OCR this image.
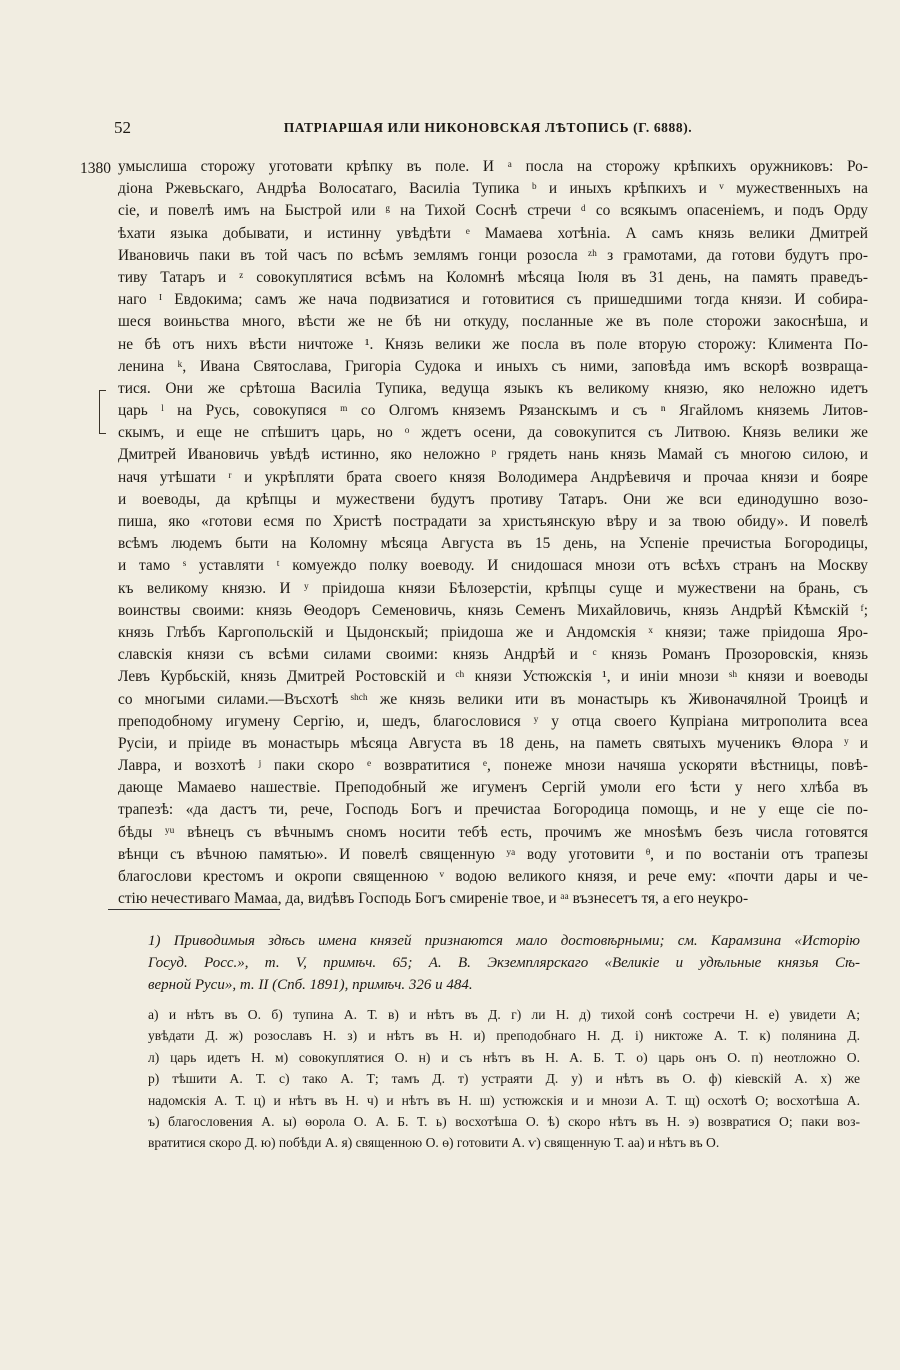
52	ПАТРІАРШАЯ ИЛИ НИКОНОВСКАЯ ЛѢТОПИСЬ (Г. 6888).
1380 умыслиша сторожу уготовати крѣпку въ поле. И ᵃ посла на сторожу крѣпкихъ оружниковъ: Ро-
діона Ржевьскаго, Андрѣа Волосатаго, Василіа Тупика ᵇ и иныхъ крѣпкихъ и ᵛ мужественныхъ на
сіе, и повелѣ имъ на Быстрой или ᵍ на Тихой Соснѣ стречи ᵈ со всякымъ опасеніемъ, и подъ Орду
ѣхати языка добывати, и истинну увѣдѣти ᵉ Мамаева хотѣніа. А самъ князь велики Дмитрей
Ивановичь паки въ той часъ по всѣмъ землямъ гонци розосла ᶻʰ з грамотами, да готови будутъ про-
тиву Татаръ и ᶻ совокуплятися всѣмъ на Коломнѣ мѣсяца Іюля въ 31 день, на память праведъ-
наго ᴵ Евдокима; самъ же нача подвизатися и готовитися съ пришедшими тогда князи. И собира-
шеся воиньства много, вѣсти же не бѣ ни откуду, посланные же въ поле сторожи закоснѣша, и
не бѣ отъ нихъ вѣсти ничтоже ¹. Князь велики же посла въ поле вторую сторожу: Климента По-
ленина ᵏ, Ивана Святослава, Григоріа Судока и иныхъ съ ними, заповѣда имъ вскорѣ возвраща-
тися. Они же срѣтоша Василіа Тупика, ведуща языкъ къ великому князю, яко неложно идетъ
царь ˡ на Русь, совокупяся ᵐ со Олгомъ княземъ Рязанскымъ и съ ⁿ Ягайломъ княземь Литов-
скымъ, и еще не спѣшитъ царь, но ᵒ ждетъ осени, да совокупится съ Литвою. Князь велики же
Дмитрей Ивановичь увѣдѣ истинно, яко неложно ᵖ грядеть нань князь Мамай съ многою силою, и
начя утѣшати ʳ и укрѣпляти брата своего князя Володимера Андрѣевичя и прочаа князи и бояре
и воеводы, да крѣпцы и мужествени будутъ противу Татаръ. Они же вси единодушно возо-
пиша, яко «готови есмя по Христѣ пострадати за христьянскую вѣру и за твою обиду». И повелѣ
всѣмъ людемъ быти на Коломну мѣсяца Августа въ 15 день, на Успеніе пречистыа Богородицы,
и тамо ˢ уставляти ᵗ комуеждо полку воеводу. И снидошася мнози отъ всѣхъ странъ на Москву
къ великому князю. И ʸ пріидоша князи Бѣлозерстіи, крѣпцы суще и мужествени на брань, съ
воинствы своими: князь Θеодоръ Семеновичь, князь Семенъ Михайловичь, князь Андрѣй Кѣмскій ᶠ;
князь Глѣбъ Каргопольскій и Цыдонскый; пріидоша же и Андомскія ˣ князи; таже пріидоша Яро-
славскія князи съ всѣми силами своими: князь Андрѣй и ᶜ князь Романъ Прозоровскія, князь
Левъ Курбьскій, князь Дмитрей Ростовскій и ᶜʰ князи Устюжскія ¹, и иніи мнози ˢʰ князи и воеводы
со многыми силами.—Въсхотѣ ˢʰᶜʰ же князь велики ити въ монастырь къ Живоначялной Троицѣ и
преподобному игумену Сергію, и, шедъ, благословися ʸ у отца своего Купріана митрополита всеа
Русіи, и пріиде въ монастырь мѣсяца Августа въ 18 день, на паметь святыхъ мученикъ Θлора ʸ и
Лавра, и возхотѣ ʲ паки скоро ᵉ возвратитися ᵉ, понеже мнози начяша ускоряти вѣстницы, повѣ-
дающе Мамаево нашествіе. Преподобный же игуменъ Сергій умоли его ѣсти у него хлѣба въ
трапезѣ: «да дастъ ти, рече, Господь Богъ и пречистаа Богородица помощь, и не у еще сіе по-
бѣды ʸᵘ вѣнецъ съ вѣчнымъ сномъ носити тебѣ есть, прочимъ же мноѕѣмъ безъ числа готовятся
вѣнци съ вѣчною памятью». И повелѣ священную ʸᵃ воду уготовити ᶿ, и по востаніи отъ трапезы
благослови крестомъ и окропи священною ᵛ водою великого князя, и рече ему: «почти дары и че-
стію нечестиваго Мамаа, да, видѣвъ Господь Богъ смиреніе твое, и ᵃᵃ възнесетъ тя, а его неукро-
1) Приводимыя здѣсь имена князей признаются мало достовѣрными; см. Карамзина «Исторію
Госуд. Росс.», т. V, примѣч. 65; А. В. Экземплярскаго «Великіе и удѣльные князья Сѣ-
верной Руси», т. II (Спб. 1891), примѣч. 326 и 484.
а) и нѣтъ въ О. б) тупина А. Т. в) и нѣтъ въ Д. г) ли Н. д) тихой сонѣ состречи Н. е) увидети А;
увѣдати Д. ж) розославъ Н. з) и нѣтъ въ Н. и) преподобнаго Н. Д. і) никтоже А. Т. к) полянина Д.
л) царь идетъ Н. м) совокуплятися О. н) и съ нѣтъ въ Н. А. Б. Т. о) царь онъ О. п) неотложно О.
р) тѣшити А. Т. с) тако А. Т; тамъ Д. т) устраяти Д. у) и нѣтъ въ О. ф) кіевскій А. х) же
надомскія А. Т. ц) и нѣтъ въ Н. ч) и нѣтъ въ Н. ш) устюжскія и и мнози А. Т. щ) осхотѣ О; восхотѣша А.
ъ) благословения А. ы) ѳорола О. А. Б. Т. ь) восхотѣша О. ѣ) скоро нѣтъ въ Н. э) возвратися О; паки воз-
вратитися скоро Д. ю) побѣди А. я) священною О. ѳ) готовити А. ѵ) священную Т. аа) и нѣтъ въ О.
